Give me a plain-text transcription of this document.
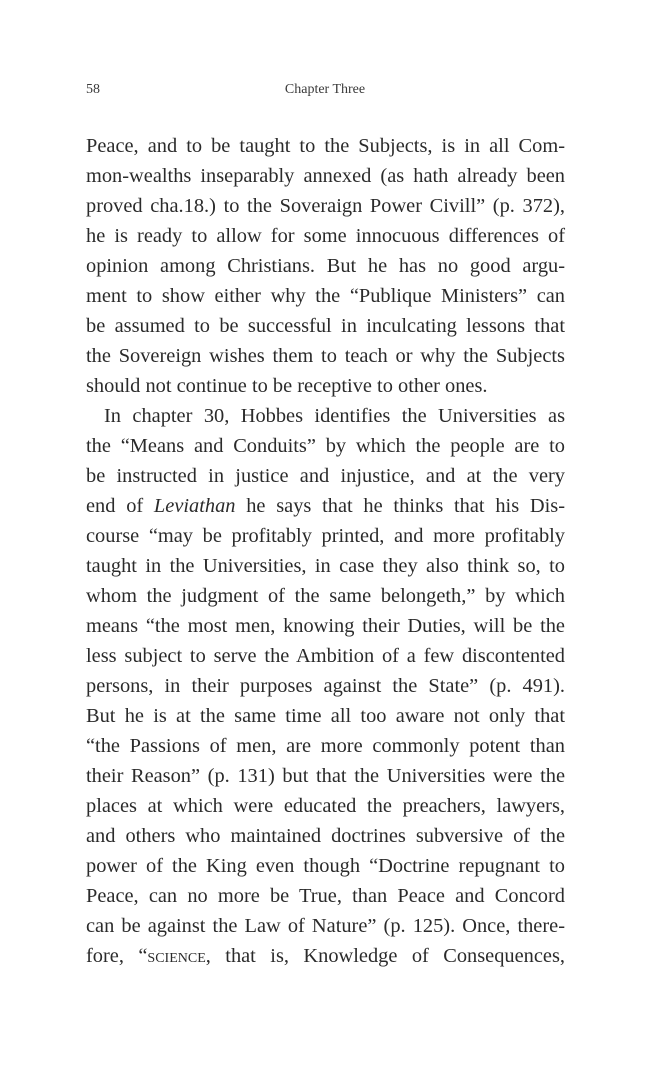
58	Chapter Three
Peace, and to be taught to the Subjects, is in all Com-
mon-wealths inseparably annexed (as hath already been
proved cha.18.) to the Soveraign Power Civill” (p. 372),
he is ready to allow for some innocuous differences of
opinion among Christians. But he has no good argu-
ment to show either why the “Publique Ministers” can
be assumed to be successful in inculcating lessons that
the Sovereign wishes them to teach or why the Subjects
should not continue to be receptive to other ones.
In chapter 30, Hobbes identifies the Universities as
the “Means and Conduits” by which the people are to
be instructed in justice and injustice, and at the very
end of Leviathan he says that he thinks that his Dis-
course “may be profitably printed, and more profitably
taught in the Universities, in case they also think so, to
whom the judgment of the same belongeth,” by which
means “the most men, knowing their Duties, will be the
less subject to serve the Ambition of a few discontented
persons, in their purposes against the State” (p. 491).
But he is at the same time all too aware not only that
“the Passions of men, are more commonly potent than
their Reason” (p. 131) but that the Universities were the
places at which were educated the preachers, lawyers,
and others who maintained doctrines subversive of the
power of the King even though “Doctrine repugnant to
Peace, can no more be True, than Peace and Concord
can be against the Law of Nature” (p. 125). Once, there-
fore, “science, that is, Knowledge of Consequences,
